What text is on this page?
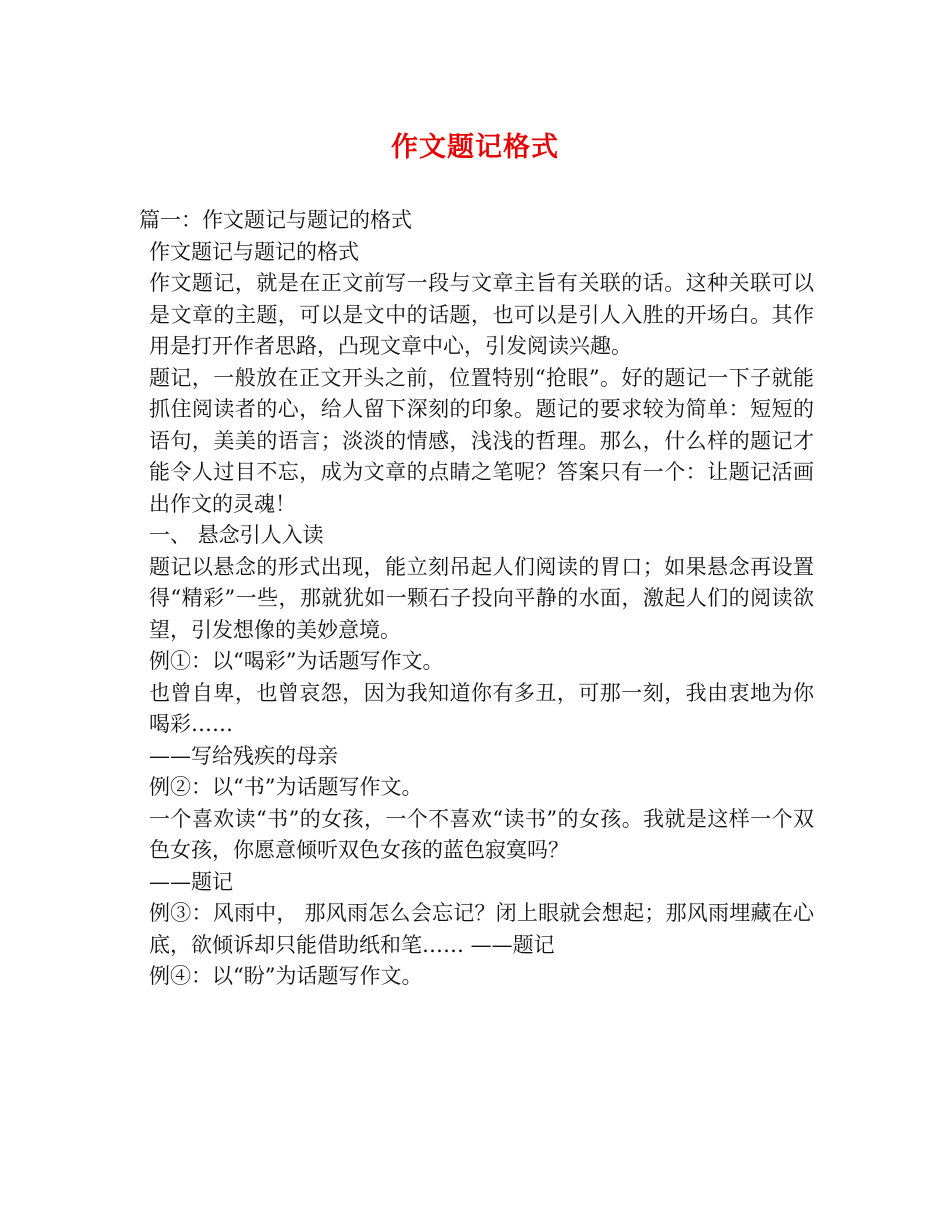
作文题记格式

篇一：作文题记与题记的格式

作文题记与题记的格式

作文题记，就是在正文前写一段与文章主旨有关联的话。这种关联可以是文章的主题，可以是文中的话题，也可以是引人入胜的开场白。其作用是打开作者思路，凸现文章中心，引发阅读兴趣。

题记，一般放在正文开头之前，位置特别“抢眼”。好的题记一下子就能抓住阅读者的心，给人留下深刻的印象。题记的要求较为简单：短短的语句，美美的语言；淡淡的情感，浅浅的哲理。那么，什么样的题记才能令人过目不忘，成为文章的点睛之笔呢？答案只有一个：让题记活画出作文的灵魂！

一、 悬念引人入读

题记以悬念的形式出现，能立刻吊起人们阅读的胃口；如果悬念再设置得“精彩”一些，那就犹如一颗石子投向平静的水面，激起人们的阅读欲望，引发想像的美妙意境。

例①：以“喝彩”为话题写作文。

也曾自卑，也曾哀怨，因为我知道你有多丑，可那一刻，我由衷地为你喝彩……

——写给残疾的母亲

例②：以“书”为话题写作文。

一个喜欢读“书”的女孩，一个不喜欢“读书”的女孩。我就是这样一个双色女孩，你愿意倾听双色女孩的蓝色寂寞吗？

——题记

例③：风雨中， 那风雨怎么会忘记？闭上眼就会想起；那风雨埋藏在心底，欲倾诉却只能借助纸和笔…… ——题记

例④：以“盼”为话题写作文。
